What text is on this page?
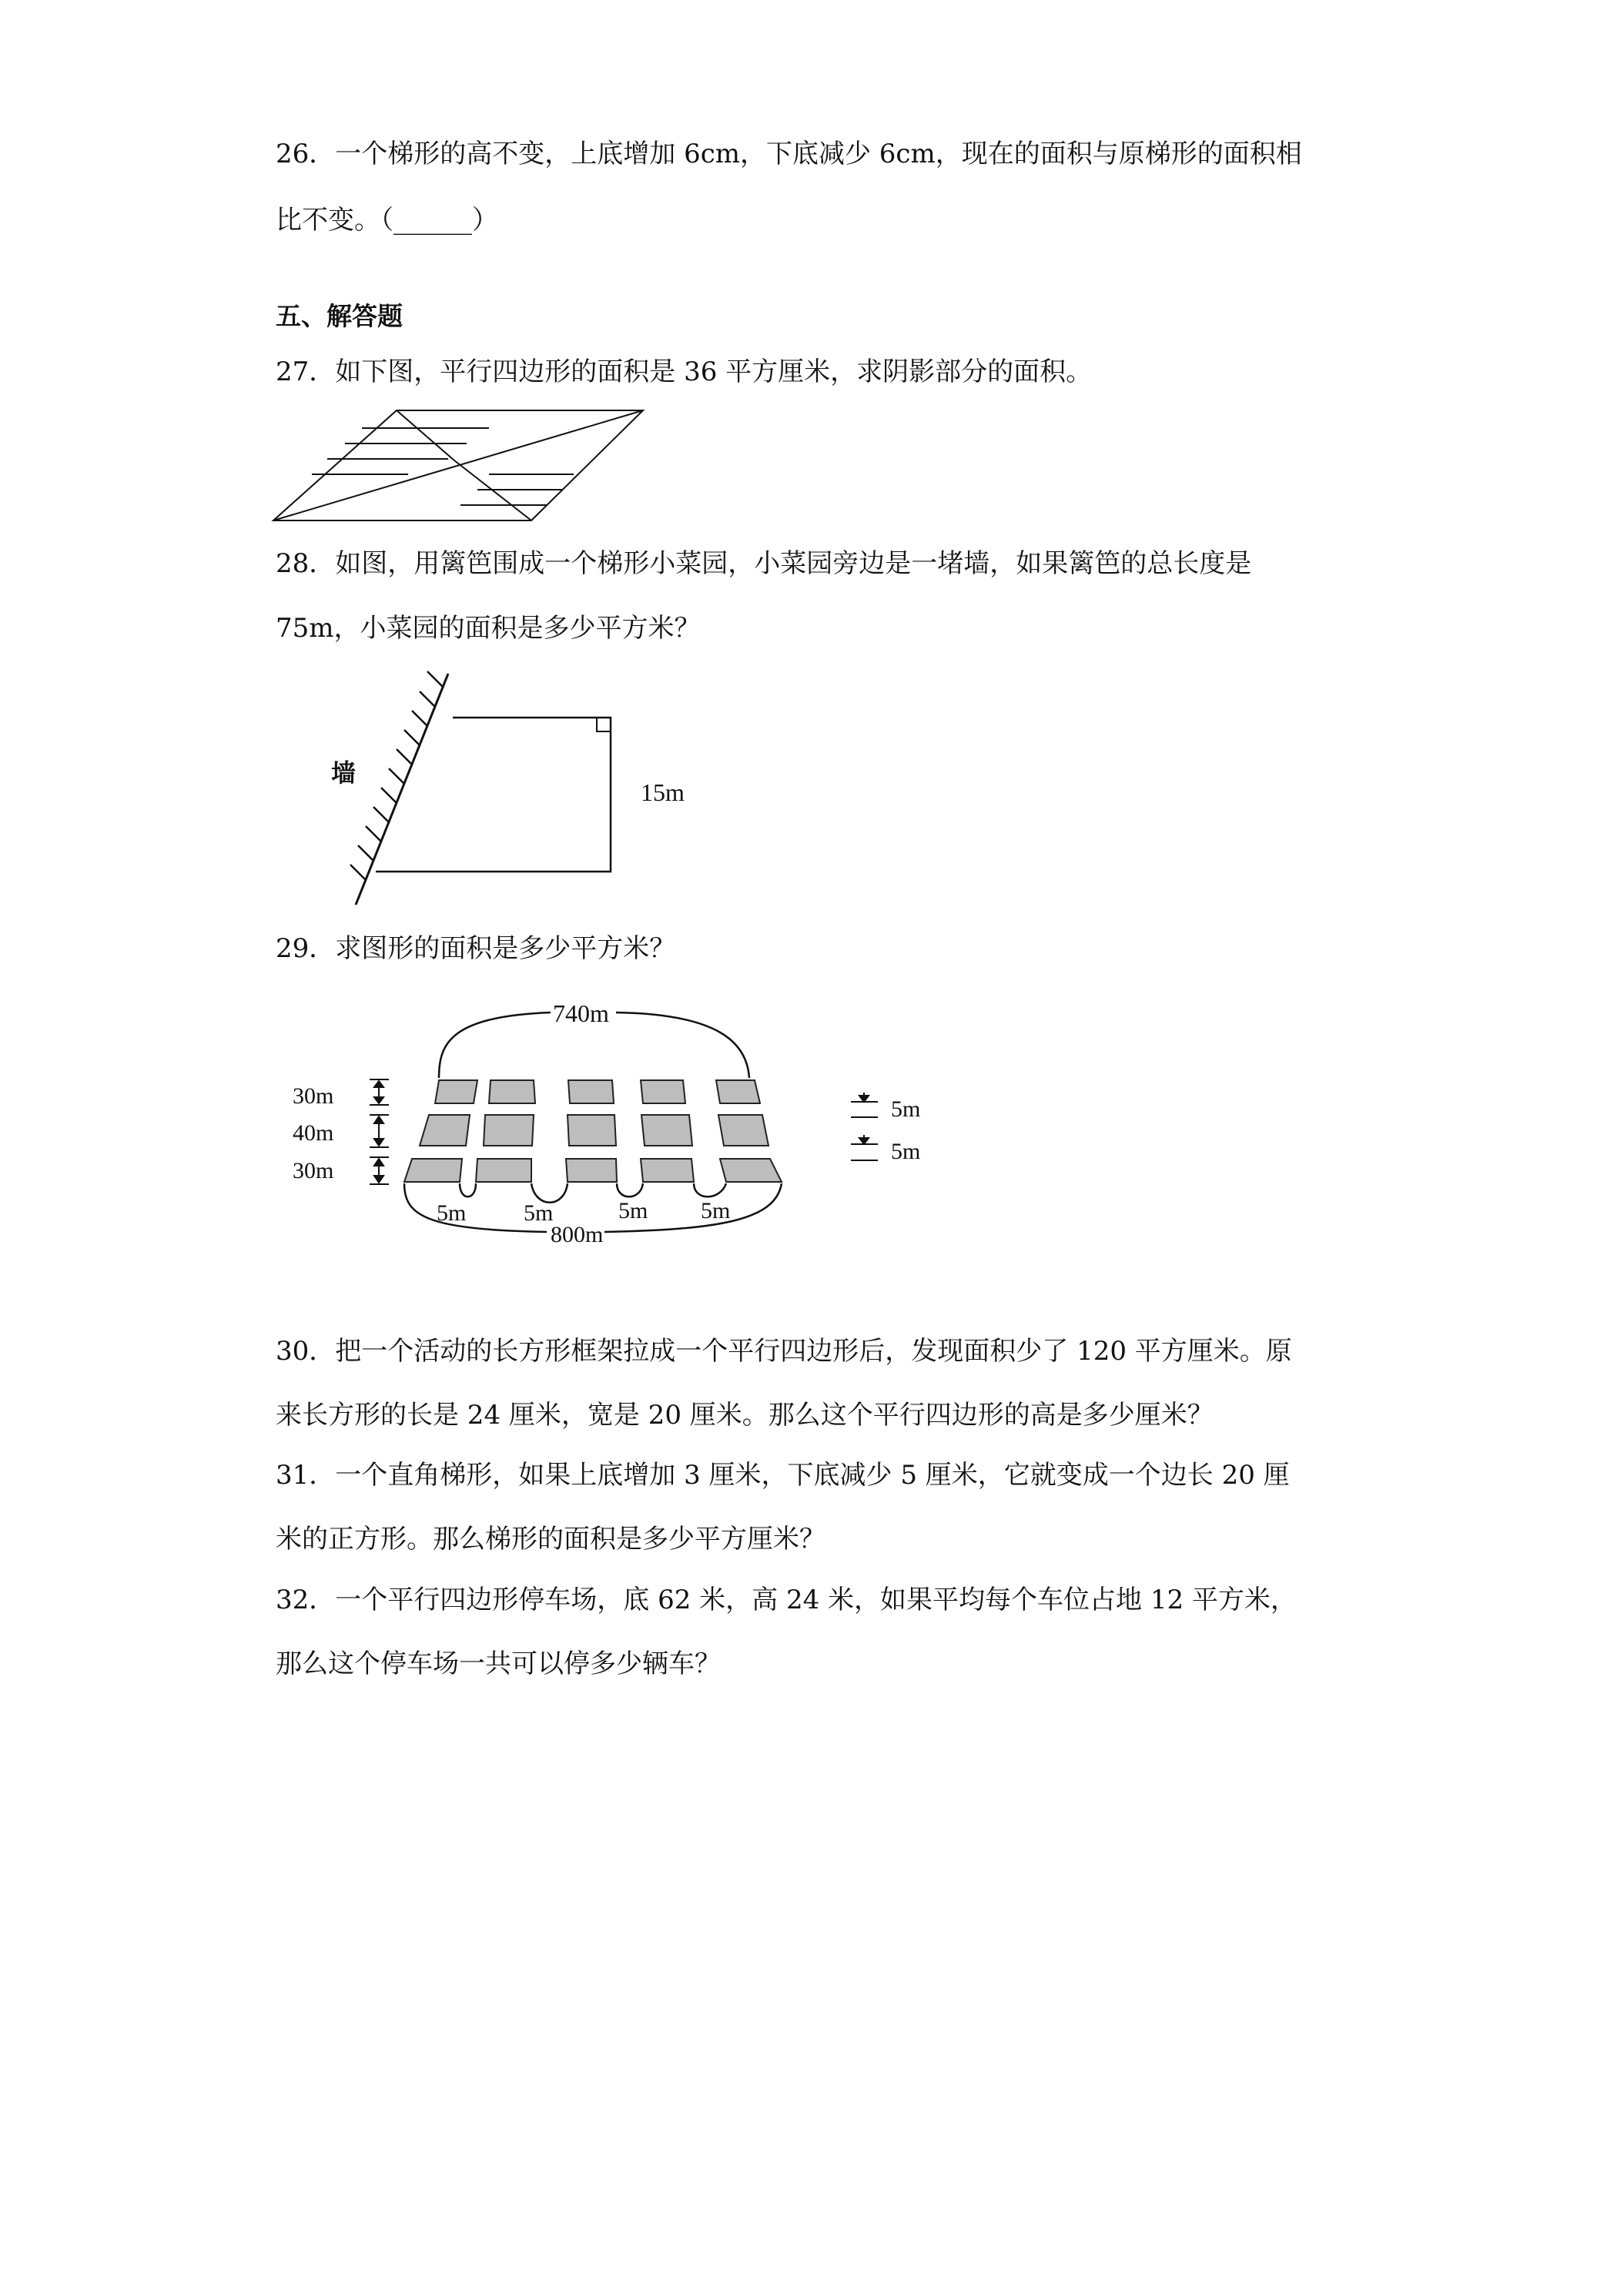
26．一个梯形的高不变，上底增加 6cm，下底减少 6cm，现在的面积与原梯形的面积相
比不变。（______）
五、解答题
27．如下图，平行四边形的面积是 36 平方厘米，求阴影部分的面积。
28．如图，用篱笆围成一个梯形小菜园，小菜园旁边是一堵墙，如果篱笆的总长度是
75m，小菜园的面积是多少平方米？
墙
15m
29．求图形的面积是多少平方米？
740m
30m
40m
30m
5m
5m
5m 5m	5m 5m
800m
30．把一个活动的长方形框架拉成一个平行四边形后，发现面积少了 120 平方厘米。原
来长方形的长是 24 厘米，宽是 20 厘米。那么这个平行四边形的高是多少厘米？
31．一个直角梯形，如果上底增加 3 厘米，下底减少 5 厘米，它就变成一个边长 20 厘
米的正方形。那么梯形的面积是多少平方厘米？
32．一个平行四边形停车场，底 62 米，高 24 米，如果平均每个车位占地 12 平方米，
那么这个停车场一共可以停多少辆车？
